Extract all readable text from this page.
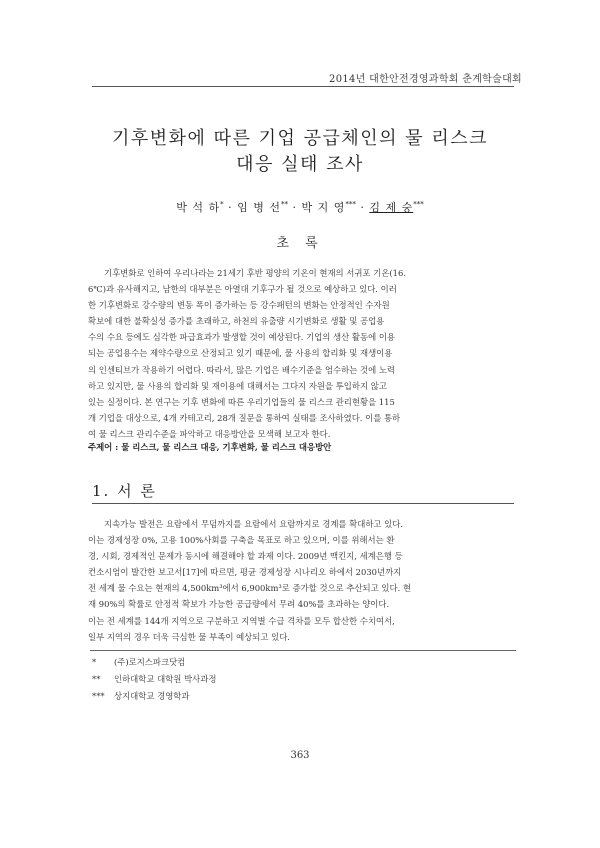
2014년 대한안전경영과학회 춘계학술대회
기후변화에 따른 기업 공급체인의 물 리스크
대응 실태 조사
박 석 하* · 임 병 선** · 박 지 영*** · 김 제 숭***
초 록
기후변화로 인하여 우리나라는 21세기 후반 평양의 기온이 현재의 서귀포 기온(16.
6℃)과 유사해지고, 남한의 대부분은 아열대 기후구가 될 것으로 예상하고 있다. 이러
한 기후변화로 강수량의 변동 폭이 증가하는 등 강수패턴의 변화는 안정적인 수자원
확보에 대한 불확실성 증가를 초래하고, 하천의 유출량 시기변화로 생활 및 공업용
수의 수요 등에도 심각한 파급효과가 발생할 것이 예상된다. 기업의 생산 활동에 이용
되는 공업용수는 제약수량으로 산정되고 있기 때문에, 물 사용의 합리화 및 재생이용
의 인센티브가 작용하기 어렵다. 따라서, 많은 기업은 배수기준을 엄수하는 것에 노력
하고 있지만, 물 사용의 합리화 및 재이용에 대해서는 그다지 자원을 투입하지 않고
있는 실정이다. 본 연구는 기후 변화에 따른 우리기업들의 물 리스크 관리현황을 115
개 기업을 대상으로, 4개 카테고리, 28개 질문을 통하여 실태를 조사하였다. 이를 통하
여 물 리스크 관리수준을 파악하고 대응방안을 모색해 보고자 한다.
주제어 : 물 리스크, 물 리스크 대응, 기후변화, 물 리스크 대응방안
1. 서 론
지속가능 발전은 요람에서 무덤까지를 요람에서 요람까지로 경계를 확대하고 있다.
이는 경제성장 0%, 고용 100%사회를 구축을 목표로 하고 있으며, 이를 위해서는 환
경, 시회, 경제적인 문제가 동시에 해결해야 할 과제 이다. 2009년 맥킨지, 세계은행 등
컨소시엄이 발간한 보고서[17]에 따르면, 평균 경제성장 시나리오 하에서 2030년까지
전 세계 물 수요는 현재의 4,500km³에서 6,900km³로 증가할 것으로 추산되고 있다. 현
재 90%의 확률로 안정적 확보가 가능한 공급량에서 무려 40%를 초과하는 양이다.
이는 전 세계를 144개 지역으로 구분하고 지역별 수급 격차를 모두 합산한 수치여서,
일부 지역의 경우 더욱 극심한 물 부족이 예상되고 있다.
* (주)로지스파크닷컴
** 인하대학교 대학원 박사과정
*** 상지대학교 경영학과
363
